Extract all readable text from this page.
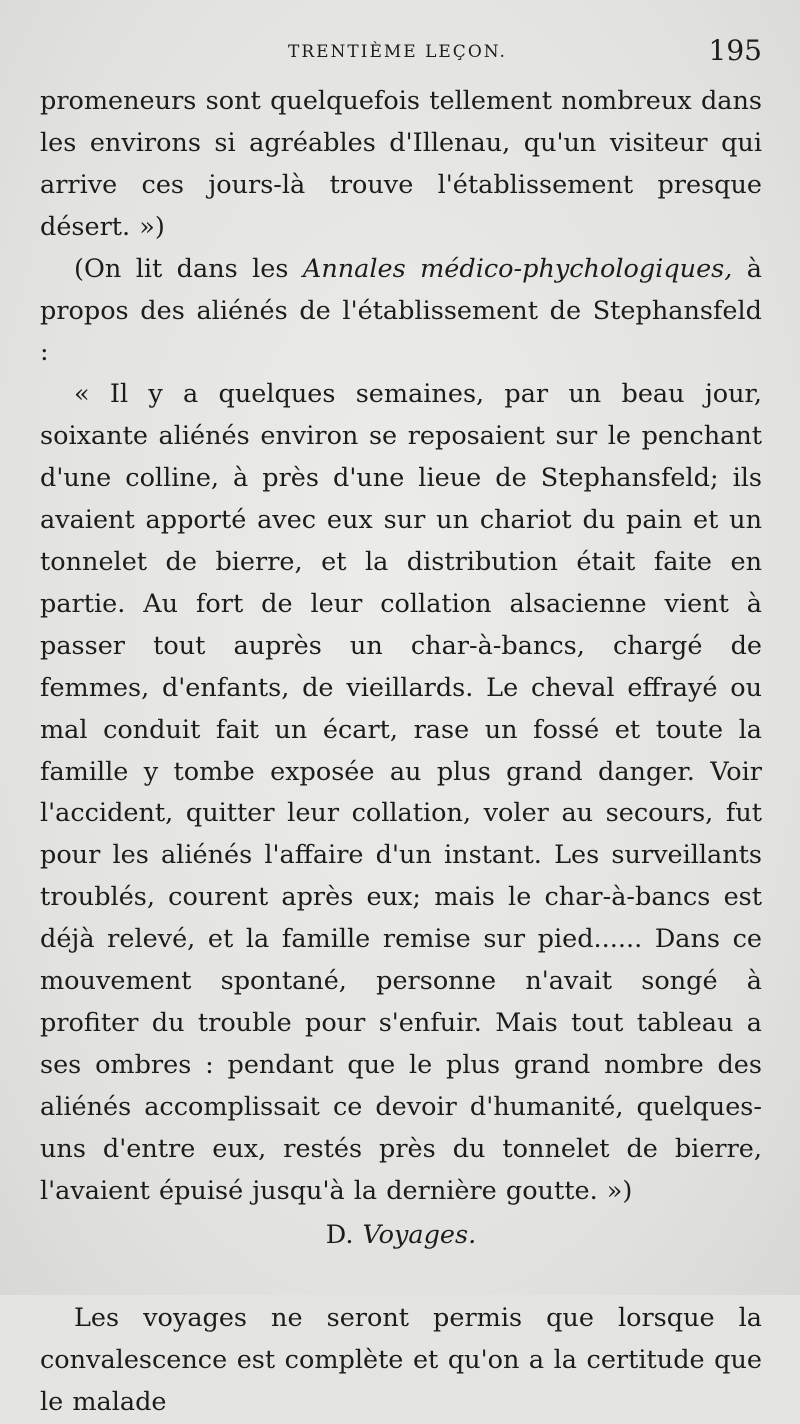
TRENTIÈME LEÇON.	195

promeneurs sont quelquefois tellement nombreux dans les environs si agréables d'Illenau, qu'un visiteur qui arrive ces jours-là trouve l'établissement presque désert. »)

(On lit dans les Annales médico-phychologiques, à propos des aliénés de l'établissement de Stephansfeld :

« Il y a quelques semaines, par un beau jour, soixante aliénés environ se reposaient sur le penchant d'une colline, à près d'une lieue de Stephansfeld; ils avaient apporté avec eux sur un chariot du pain et un tonnelet de bierre, et la distribution était faite en partie. Au fort de leur collation alsacienne vient à passer tout auprès un char-à-bancs, chargé de femmes, d'enfants, de vieillards. Le cheval effrayé ou mal conduit fait un écart, rase un fossé et toute la famille y tombe exposée au plus grand danger. Voir l'accident, quitter leur collation, voler au secours, fut pour les aliénés l'affaire d'un instant. Les surveillants troublés, courent après eux; mais le char-à-bancs est déjà relevé, et la famille remise sur pied...... Dans ce mouvement spontané, personne n'avait songé à profiter du trouble pour s'enfuir. Mais tout tableau a ses ombres : pendant que le plus grand nombre des aliénés accomplissait ce devoir d'humanité, quelques-uns d'entre eux, restés près du tonnelet de bierre, l'avaient épuisé jusqu'à la dernière goutte. »)

D. Voyages.

Les voyages ne seront permis que lorsque la convalescence est complète et qu'on a la certitude que le malade
